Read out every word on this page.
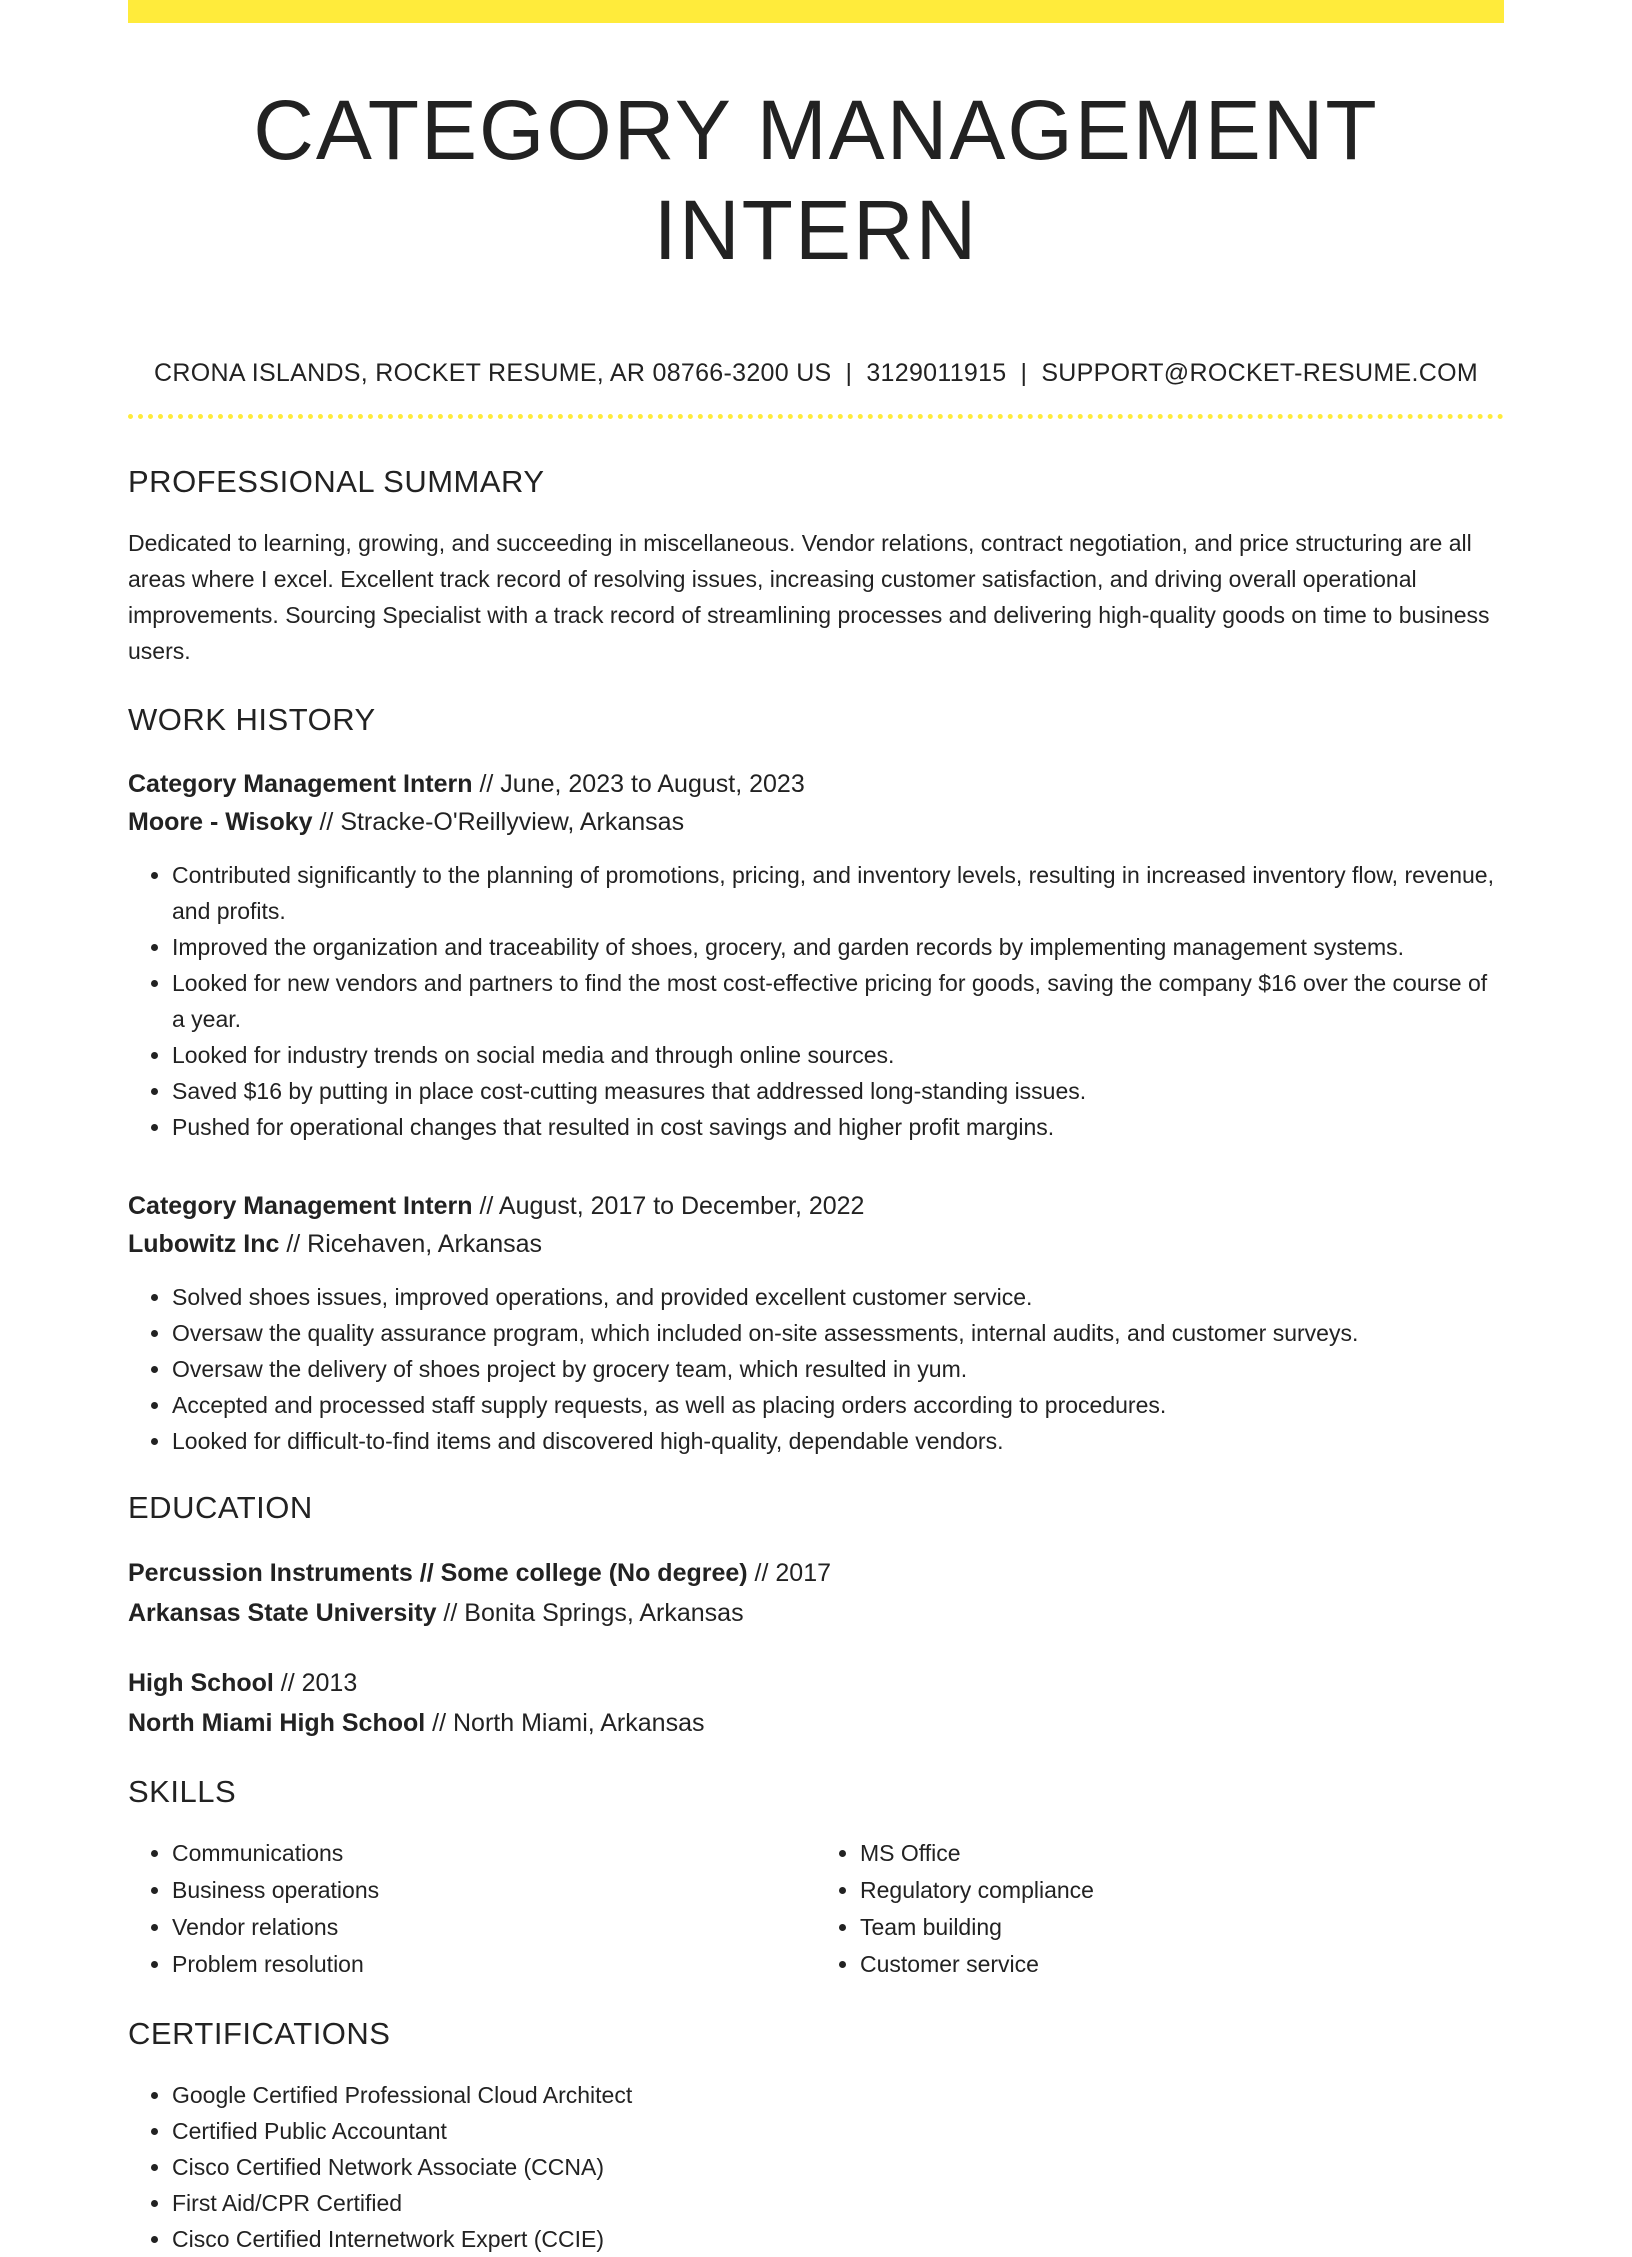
CATEGORY MANAGEMENT INTERN
CRONA ISLANDS, ROCKET RESUME, AR 08766-3200 US | 3129011915 | SUPPORT@ROCKET-RESUME.COM
PROFESSIONAL SUMMARY
Dedicated to learning, growing, and succeeding in miscellaneous. Vendor relations, contract negotiation, and price structuring are all areas where I excel. Excellent track record of resolving issues, increasing customer satisfaction, and driving overall operational improvements. Sourcing Specialist with a track record of streamlining processes and delivering high-quality goods on time to business users.
WORK HISTORY
Category Management Intern // June, 2023 to August, 2023
Moore - Wisoky // Stracke-O'Reillyview, Arkansas
• Contributed significantly to the planning of promotions, pricing, and inventory levels, resulting in increased inventory flow, revenue, and profits.
• Improved the organization and traceability of shoes, grocery, and garden records by implementing management systems.
• Looked for new vendors and partners to find the most cost-effective pricing for goods, saving the company $16 over the course of a year.
• Looked for industry trends on social media and through online sources.
• Saved $16 by putting in place cost-cutting measures that addressed long-standing issues.
• Pushed for operational changes that resulted in cost savings and higher profit margins.
Category Management Intern // August, 2017 to December, 2022
Lubowitz Inc // Ricehaven, Arkansas
• Solved shoes issues, improved operations, and provided excellent customer service.
• Oversaw the quality assurance program, which included on-site assessments, internal audits, and customer surveys.
• Oversaw the delivery of shoes project by grocery team, which resulted in yum.
• Accepted and processed staff supply requests, as well as placing orders according to procedures.
• Looked for difficult-to-find items and discovered high-quality, dependable vendors.
EDUCATION
Percussion Instruments // Some college (No degree) // 2017
Arkansas State University // Bonita Springs, Arkansas
High School // 2013
North Miami High School // North Miami, Arkansas
SKILLS
• Communications
• Business operations
• Vendor relations
• Problem resolution
• MS Office
• Regulatory compliance
• Team building
• Customer service
CERTIFICATIONS
• Google Certified Professional Cloud Architect
• Certified Public Accountant
• Cisco Certified Network Associate (CCNA)
• First Aid/CPR Certified
• Cisco Certified Internetwork Expert (CCIE)
